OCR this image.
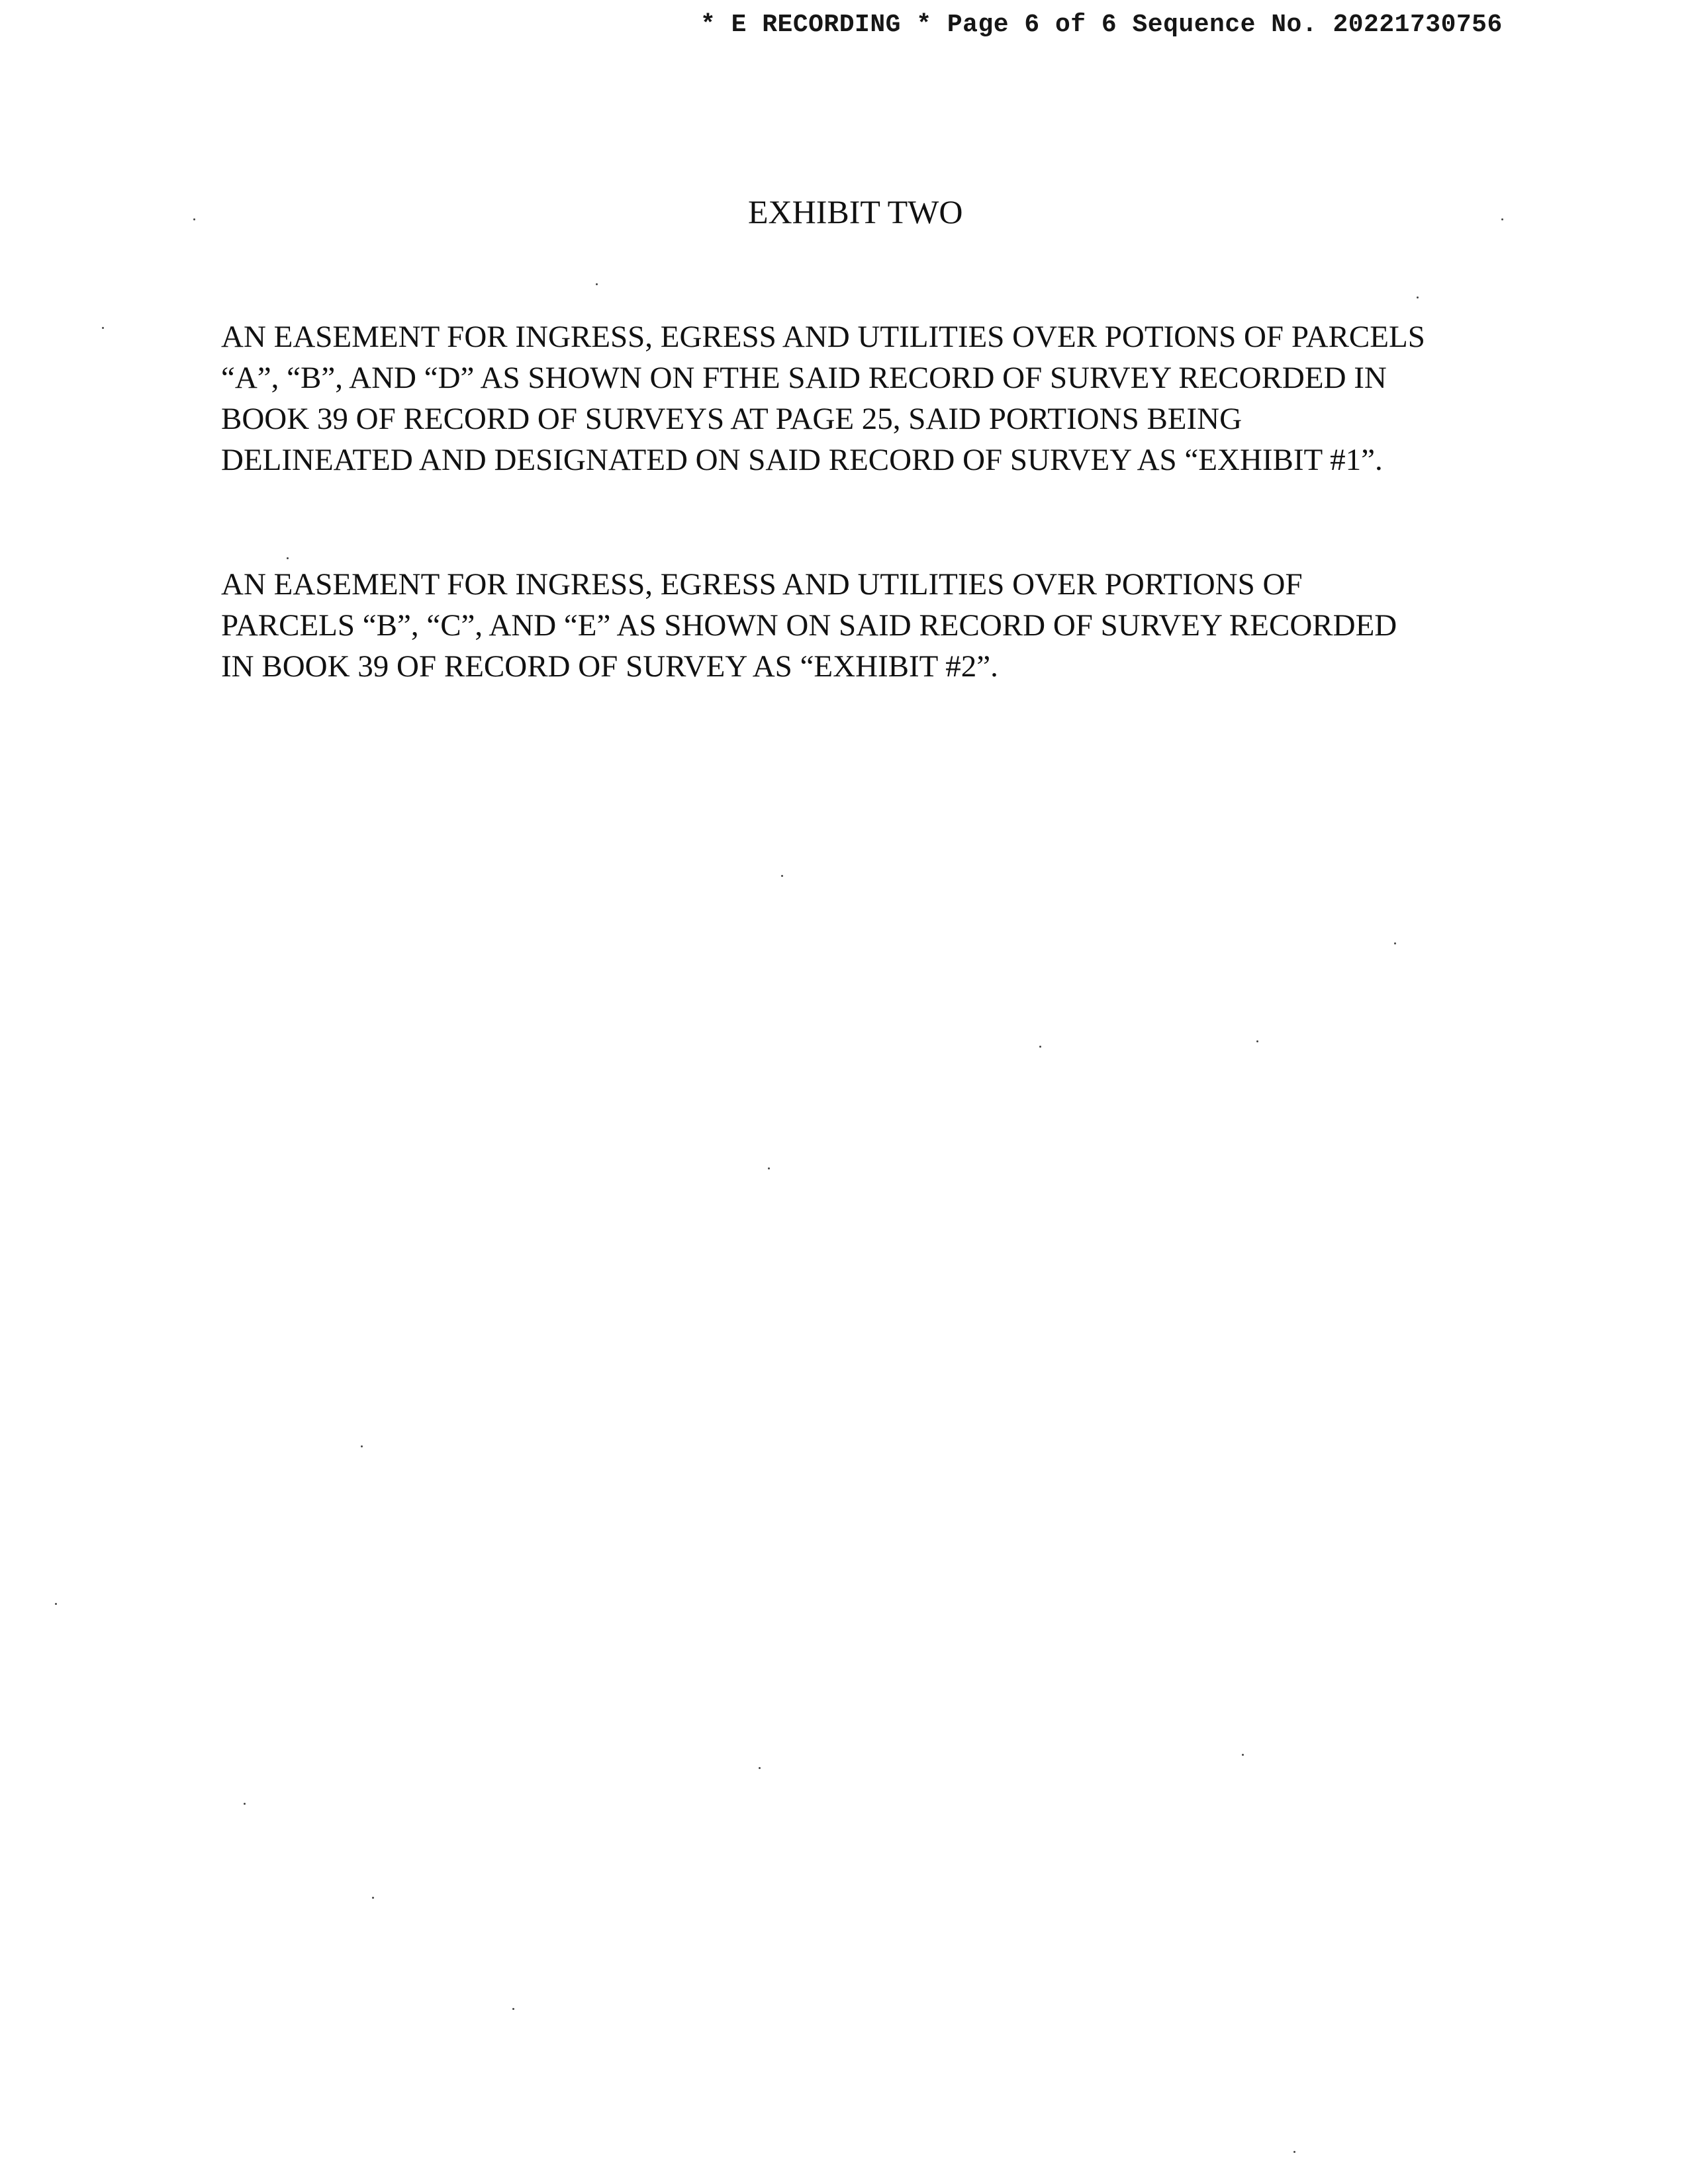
* E RECORDING * Page 6 of 6 Sequence No. 20221730756
EXHIBIT TWO
AN EASEMENT FOR INGRESS, EGRESS AND UTILITIES OVER POTIONS OF PARCELS
“A”, “B”, AND “D” AS SHOWN ON FTHE SAID RECORD OF SURVEY RECORDED IN
BOOK 39 OF RECORD OF SURVEYS AT PAGE 25, SAID PORTIONS BEING
DELINEATED AND DESIGNATED ON SAID RECORD OF SURVEY AS “EXHIBIT #1”.
AN EASEMENT FOR INGRESS, EGRESS AND UTILITIES OVER PORTIONS OF
PARCELS “B”, “C”, AND “E” AS SHOWN ON SAID RECORD OF SURVEY RECORDED
IN BOOK 39 OF RECORD OF SURVEY AS “EXHIBIT #2”.
